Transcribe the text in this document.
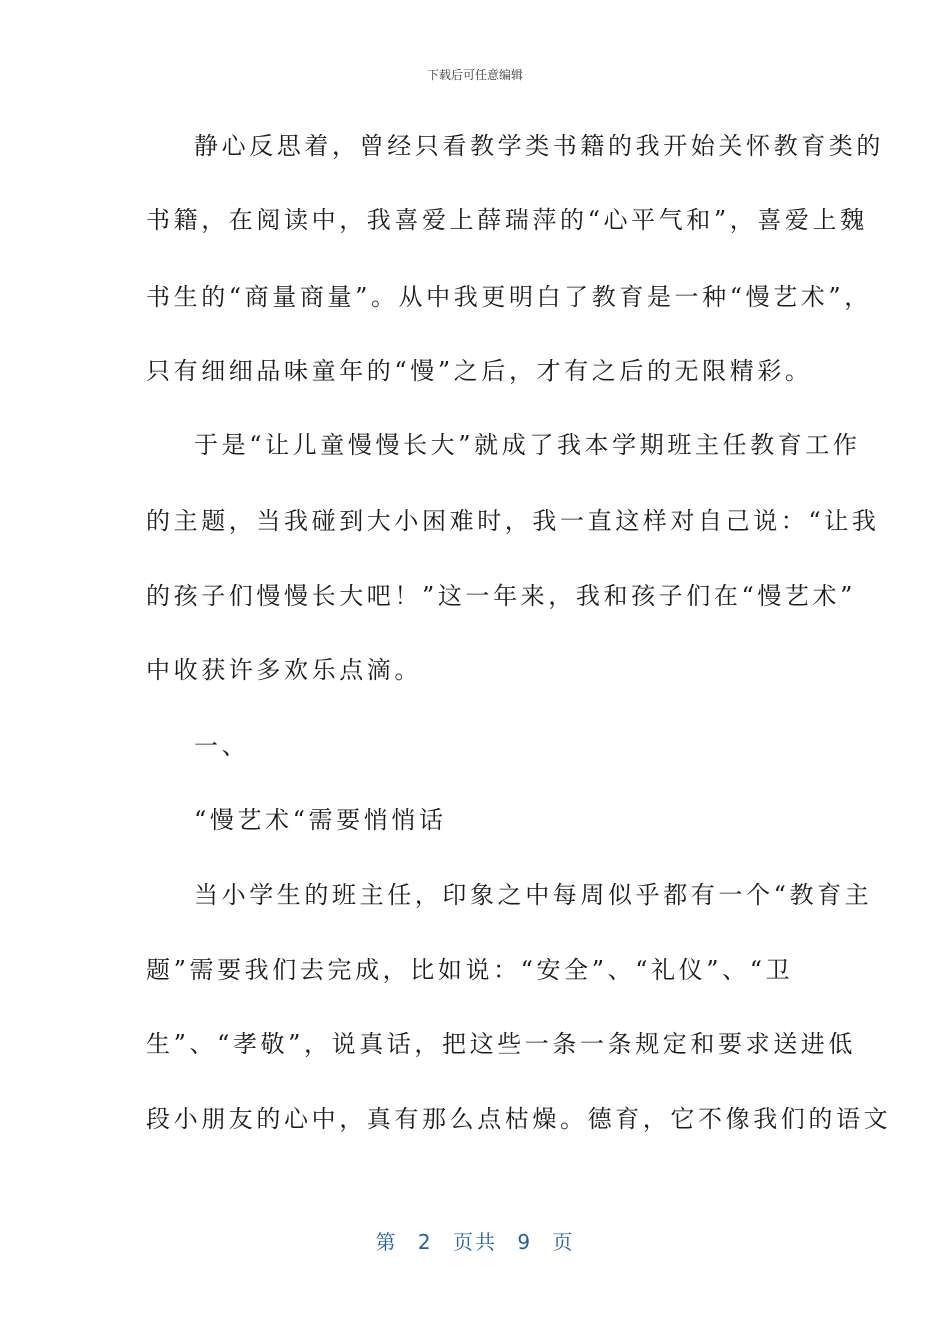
下载后可任意编辑
静心反思着，曾经只看教学类书籍的我开始关怀教育类的
书籍，在阅读中，我喜爱上薛瑞萍的“心平气和”，喜爱上魏
书生的“商量商量”。从中我更明白了教育是一种“慢艺术”，
只有细细品味童年的“慢”之后，才有之后的无限精彩。
于是“让儿童慢慢长大”就成了我本学期班主任教育工作
的主题，当我碰到大小困难时，我一直这样对自己说：“让我
的孩子们慢慢长大吧！”这一年来，我和孩子们在“慢艺术”
中收获许多欢乐点滴。
一、
“慢艺术“需要悄悄话
当小学生的班主任，印象之中每周似乎都有一个“教育主
题”需要我们去完成，比如说：“安全”、“礼仪”、“卫
生”、“孝敬”，说真话，把这些一条一条规定和要求送进低
段小朋友的心中，真有那么点枯燥。德育，它不像我们的语文
第 2 页共 9 页
